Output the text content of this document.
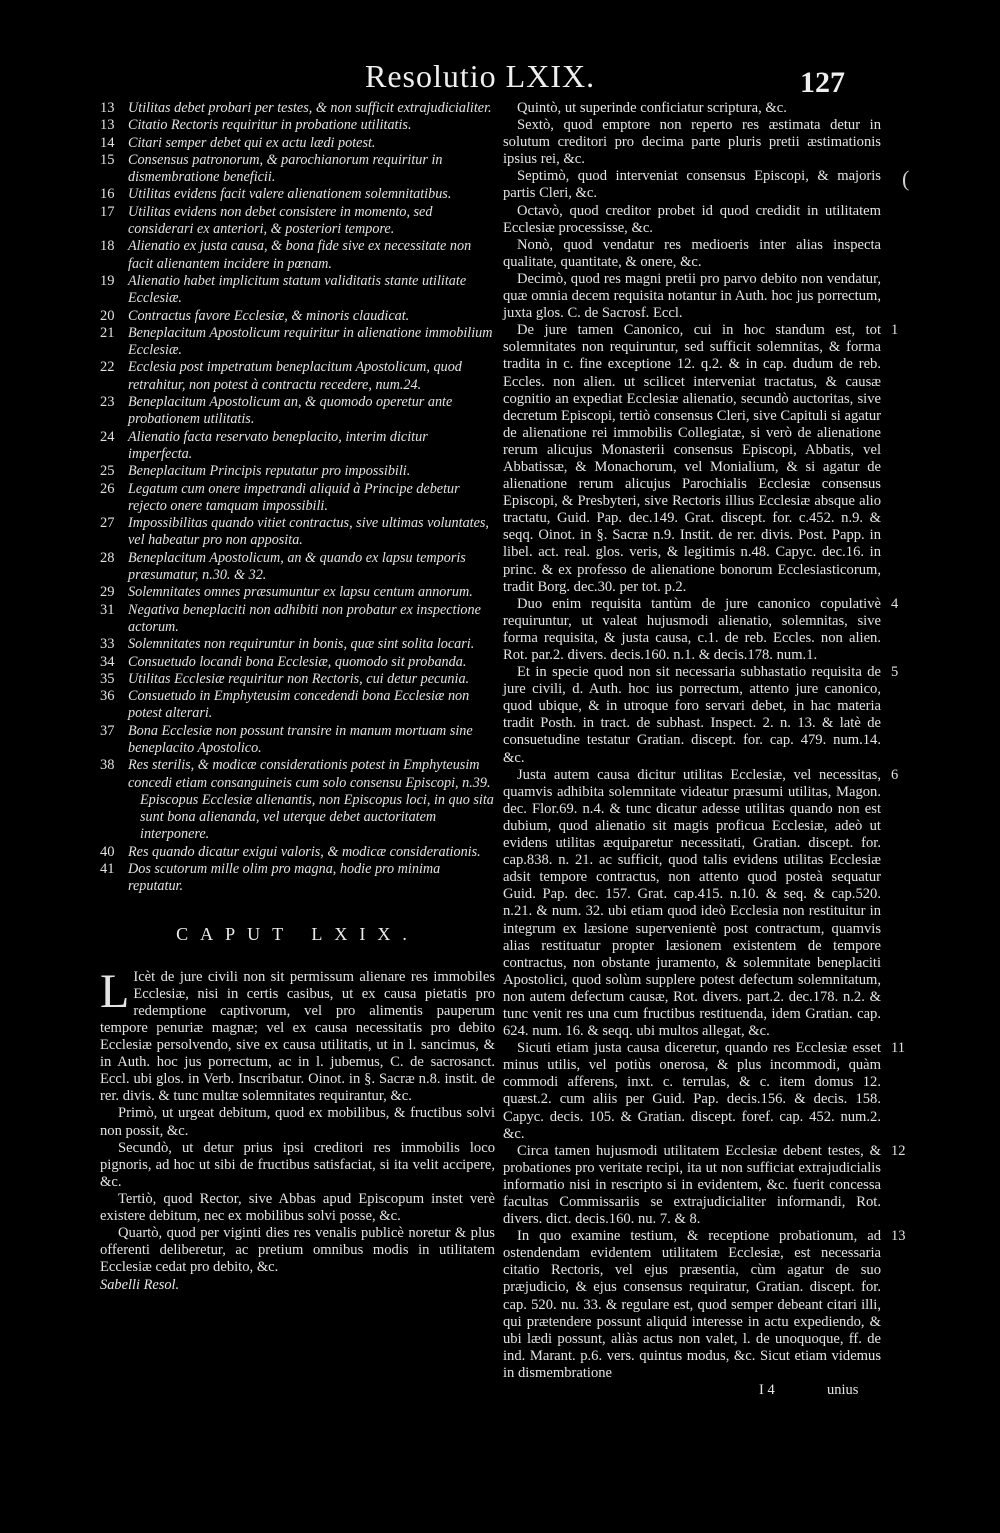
Resolutio LXIX.	127
(
13 Utilitas debet probari per testes, & non sufficit extrajudicialiter.
13 Citatio Rectoris requiritur in probatione utilitatis.
14 Citari semper debet qui ex actu lædi potest.
15 Consensus patronorum, & parochianorum requiritur in dismembratione beneficii.
16 Utilitas evidens facit valere alienationem solemnitatibus.
17 Utilitas evidens non debet consistere in momento, sed considerari ex anteriori, & posteriori tempore.
18 Alienatio ex justa causa, & bona fide sive ex necessitate non facit alienantem incidere in pœnam.
19 Alienatio habet implicitum statum validitatis stante utilitate Ecclesiæ.
20 Contractus favore Ecclesiæ, & minoris claudicat.
21 Beneplacitum Apostolicum requiritur in alienatione immobilium Ecclesiæ.
22 Ecclesia post impetratum beneplacitum Apostolicum, quod retrahitur, non potest à contractu recedere, num.24.
23 Beneplacitum Apostolicum an, & quomodo operetur ante probationem utilitatis.
24 Alienatio facta reservato beneplacito, interim dicitur imperfecta.
25 Beneplacitum Principis reputatur pro impossibili.
26 Legatum cum onere impetrandi aliquid à Principe debetur rejecto onere tamquam impossibili.
27 Impossibilitas quando vitiet contractus, sive ultimas voluntates, vel habeatur pro non apposita.
28 Beneplacitum Apostolicum, an & quando ex lapsu temporis præsumatur, n.30. & 32.
29 Solemnitates omnes præsumuntur ex lapsu centum annorum.
31 Negativa beneplaciti non adhibiti non probatur ex inspectione actorum.
33 Solemnitates non requiruntur in bonis, quæ sint solita locari.
34 Consuetudo locandi bona Ecclesiæ, quomodo sit probanda.
35 Utilitas Ecclesiæ requiritur non Rectoris, cui detur pecunia.
36 Consuetudo in Emphyteusim concedendi bona Ecclesiæ non potest alterari.
37 Bona Ecclesiæ non possunt transire in manum mortuam sine beneplacito Apostolico.
38 Res sterilis, & modicæ considerationis potest in Emphyteusim concedi etiam consanguineis cum solo consensu Episcopi, n.39.
Episcopus Ecclesiæ alienantis, non Episcopus loci, in quo sita sunt bona alienanda, vel uterque debet auctoritatem interponere.
40 Res quando dicatur exigui valoris, & modicæ considerationis.
41 Dos scutorum mille olim pro magna, hodie pro minima reputatur.
CAPUT LXIX.

L Icèt de jure civili non sit permissum alienare res immobiles Ecclesiæ, nisi in certis casibus, ut ex causa pietatis pro redemptione captivorum, vel pro alimentis pauperum tempore penuriæ magnæ; vel ex causa necessitatis pro debito Ecclesiæ persolvendo, sive ex causa utilitatis, ut in l. sancimus, & in Auth. hoc jus porrectum, ac in l. jubemus, C. de sacrosanct. Eccl. ubi glos. in Verb. Inscribatur. Oinot. in §. Sacræ n.8. instit. de rer. divis. & tunc multæ solemnitates requirantur, &c.

Primò, ut urgeat debitum, quod ex mobilibus, & fructibus solvi non possit, &c.

Secundò, ut detur prius ipsi creditori res immobilis loco pignoris, ad hoc ut sibi de fructibus satisfaciat, si ita velit accipere, &c.

Tertiò, quod Rector, sive Abbas apud Episcopum instet verè existere debitum, nec ex mobilibus solvi posse, &c.

Quartò, quod per viginti dies res venalis publicè noretur & plus offerenti deliberetur, ac pretium omnibus modis in utilitatem Ecclesiæ cedat pro debito, &c.

Sabelli Resol.

Quintò, ut superinde conficiatur scriptura, &c.

Sextò, quod emptore non reperto res æstimata detur in solutum creditori pro decima parte pluris pretii æstimationis ipsius rei, &c.

Septimò, quod interveniat consensus Episcopi, & majoris partis Cleri, &c.

Octavò, quod creditor probet id quod credidit in utilitatem Ecclesiæ processisse, &c.

Nonò, quod vendatur res medioeris inter alias inspecta qualitate, quantitate, & onere, &c.

Decimò, quod res magni pretii pro parvo debito non vendatur, quæ omnia decem requisita notantur in Auth. hoc jus porrectum, juxta glos. C. de Sacrosf. Eccl.

1

De jure tamen Canonico, cui in hoc standum est, tot solemnitates non requiruntur, sed sufficit solemnitas, & forma tradita in c. fine exceptione 12. q.2. & in cap. dudum de reb. Eccles. non alien. ut scilicet interveniat tractatus, & causæ cognitio an expediat Ecclesiæ alienatio, secundò auctoritas, sive decretum Episcopi, tertiò consensus Cleri, sive Capituli si agatur de alienatione rei immobilis Collegiatæ, si verò de alienatione rerum alicujus Monasterii consensus Episcopi, Abbatis, vel Abbatissæ, & Monachorum, vel Monialium, & si agatur de alienatione rerum alicujus Parochialis Ecclesiæ consensus Episcopi, & Presbyteri, sive Rectoris illius Ecclesiæ absque alio tractatu, Guid. Pap. dec.149. Grat. discept. for. c.452. n.9. & seqq. Oinot. in §. Sacræ n.9. Instit. de rer. divis. Post. Papp. in libel. act. real. glos. veris, & legitimis n.48. Capyc. dec.16. in princ. & ex professo de alienatione bonorum Ecclesiasticorum, tradit Borg. dec.30. per tot. p.2.

4

Duo enim requisita tantùm de jure canonico copulativè requiruntur, ut valeat hujusmodi alienatio, solemnitas, sive forma requisita, & justa causa, c.1. de reb. Eccles. non alien. Rot. par.2. divers. decis.160. n.1. & decis.178. num.1.

5

Et in specie quod non sit necessaria subhastatio requisita de jure civili, d. Auth. hoc ius porrectum, attento jure canonico, quod ubique, & in utroque foro servari debet, in hac materia tradit Posth. in tract. de subhast. Inspect. 2. n. 13. & latè de consuetudine testatur Gratian. discept. for. cap. 479. num.14. &c.

6

Justa autem causa dicitur utilitas Ecclesiæ, vel necessitas, quamvis adhibita solemnitate videatur præsumi utilitas, Magon. dec. Flor.69. n.4. & tunc dicatur adesse utilitas quando non est dubium, quod alienatio sit magis proficua Ecclesiæ, adeò ut evidens utilitas æquiparetur necessitati, Gratian. discept. for. cap.838. n. 21. ac sufficit, quod talis evidens utilitas Ecclesiæ adsit tempore contractus, non attento quod posteà sequatur Guid. Pap. dec. 157. Grat. cap.415. n.10. & seq. & cap.520. n.21. & num. 32. ubi etiam quod ideò Ecclesia non restituitur in integrum ex læsione supervenientè post contractum, quamvis alias restituatur propter læsionem existentem de tempore contractus, non obstante juramento, & solemnitate beneplaciti Apostolici, quod solùm supplere potest defectum solemnitatum, non autem defectum causæ, Rot. divers. part.2. dec.178. n.2. & tunc venit res una cum fructibus restituenda, idem Gratian. cap. 624. num. 16. & seqq. ubi multos allegat, &c.

11

Sicuti etiam justa causa diceretur, quando res Ecclesiæ esset minus utilis, vel potiùs onerosa, & plus incommodi, quàm commodi afferens, inxt. c. terrulas, & c. item domus 12. quæst.2. cum aliis per Guid. Pap. decis.156. & decis. 158. Capyc. decis. 105. & Gratian. discept. foref. cap. 452. num.2. &c.

12

Circa tamen hujusmodi utilitatem Ecclesiæ debent testes, & probationes pro veritate recipi, ita ut non sufficiat extrajudicialis informatio nisi in rescripto si in evidentem, &c. fuerit concessa facultas Commissariis se extrajudicialiter informandi, Rot. divers. dict. decis.160. nu. 7. & 8.

13

In quo examine testium, & receptione probationum, ad ostendendam evidentem utilitatem Ecclesiæ, est necessaria citatio Rectoris, vel ejus præsentia, cùm agatur de suo præjudicio, & ejus consensus requiratur, Gratian. discept. for. cap. 520. nu. 33. & regulare est, quod semper debeant citari illi, qui prætendere possunt aliquid interesse in actu expediendo, & ubi lædi possunt, aliàs actus non valet, l. de unoquoque, ff. de ind. Marant. p.6. vers. quintus modus, &c. Sicut etiam videmus in dismembratione

I 4	unius
